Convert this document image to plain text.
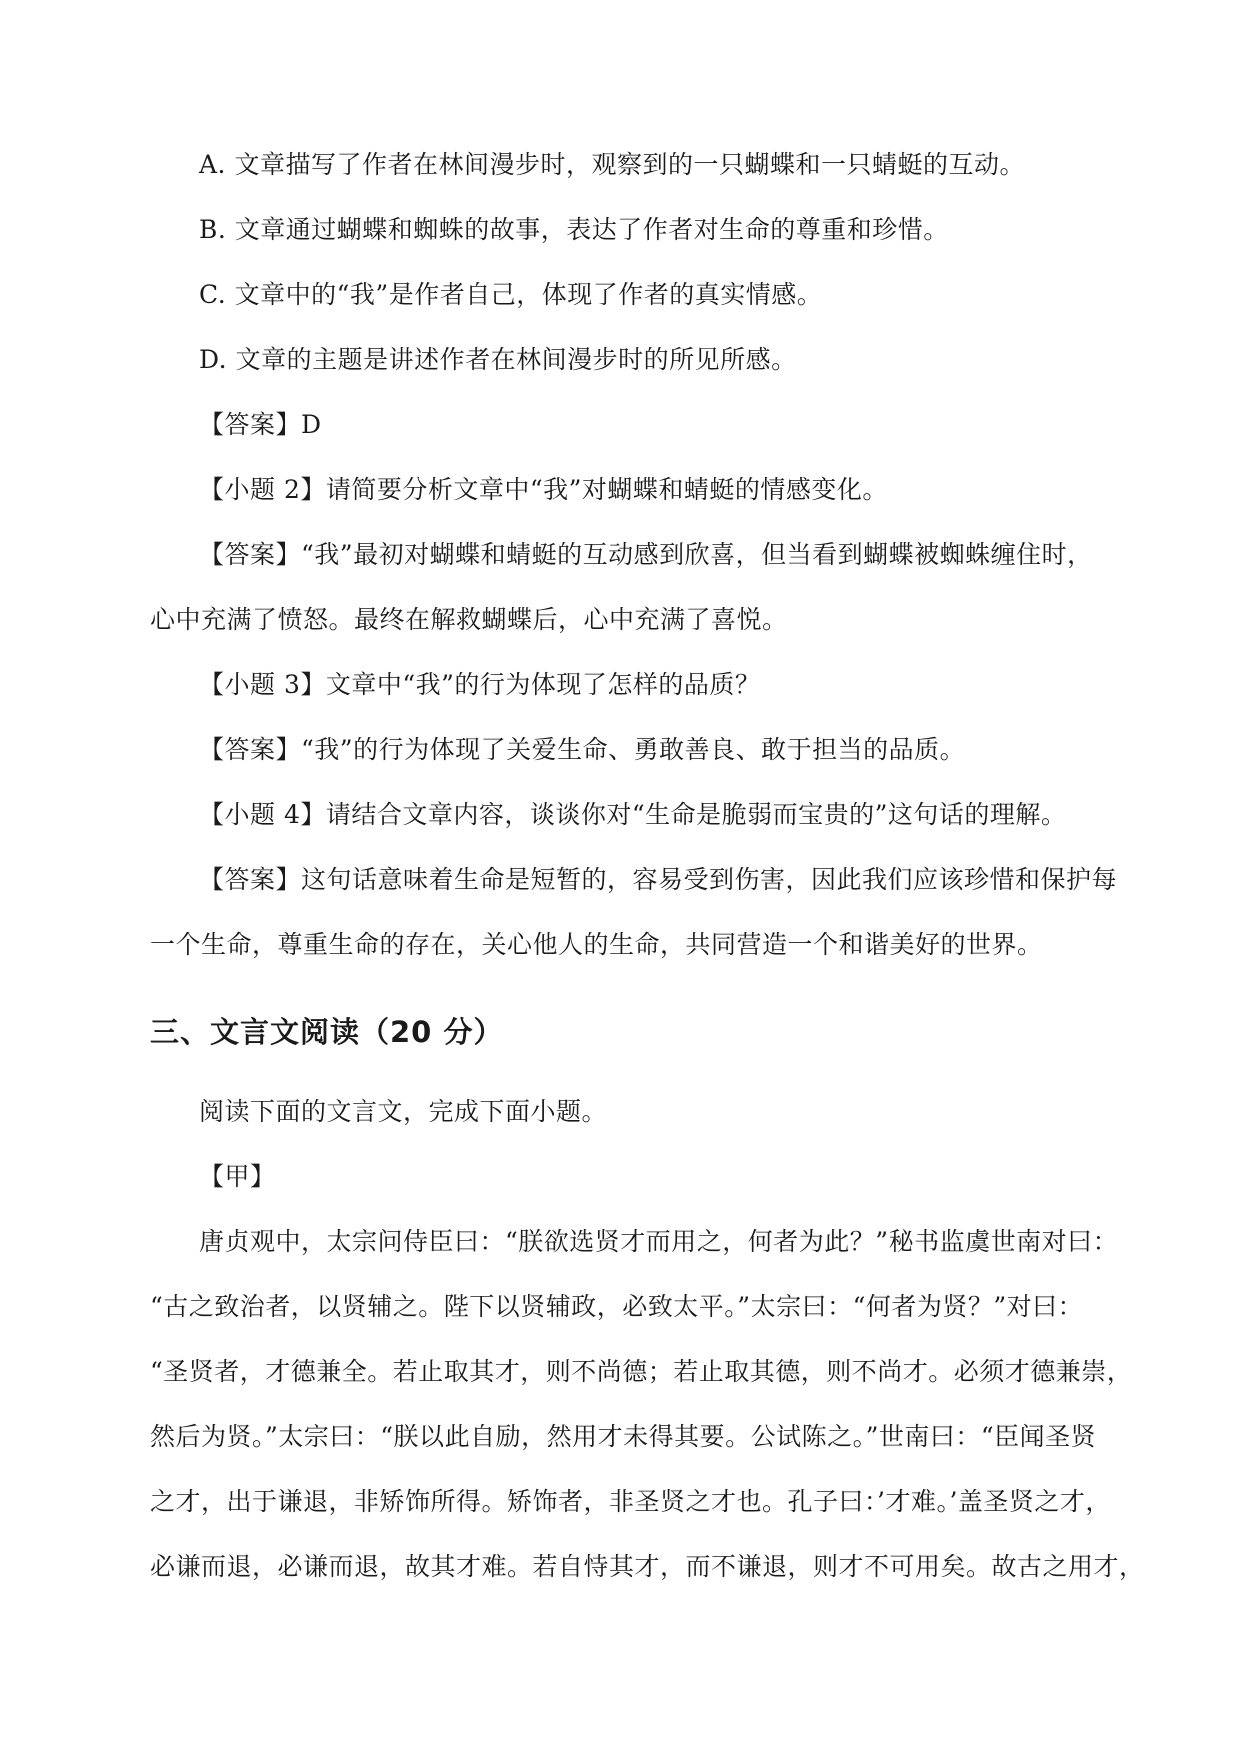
A. 文章描写了作者在林间漫步时，观察到的一只蝴蝶和一只蜻蜓的互动。
B. 文章通过蝴蝶和蜘蛛的故事，表达了作者对生命的尊重和珍惜。
C. 文章中的“我”是作者自己，体现了作者的真实情感。
D. 文章的主题是讲述作者在林间漫步时的所见所感。
【答案】D
【小题 2】请简要分析文章中“我”对蝴蝶和蜻蜓的情感变化。
【答案】“我”最初对蝴蝶和蜻蜓的互动感到欣喜，但当看到蝴蝶被蜘蛛缠住时，
心中充满了愤怒。最终在解救蝴蝶后，心中充满了喜悦。
【小题 3】文章中“我”的行为体现了怎样的品质？
【答案】“我”的行为体现了关爱生命、勇敢善良、敢于担当的品质。
【小题 4】请结合文章内容，谈谈你对“生命是脆弱而宝贵的”这句话的理解。
【答案】这句话意味着生命是短暂的，容易受到伤害，因此我们应该珍惜和保护每
一个生命，尊重生命的存在，关心他人的生命，共同营造一个和谐美好的世界。
三、文言文阅读（20 分）
阅读下面的文言文，完成下面小题。
【甲】
唐贞观中，太宗问侍臣曰：“朕欲选贤才而用之，何者为此？”秘书监虞世南对曰：
“古之致治者，以贤辅之。陛下以贤辅政，必致太平。”太宗曰：“何者为贤？”对曰：
“圣贤者，才德兼全。若止取其才，则不尚德；若止取其德，则不尚才。必须才德兼崇，
然后为贤。”太宗曰：“朕以此自励，然用才未得其要。公试陈之。”世南曰：“臣闻圣贤
之才，出于谦退，非矫饰所得。矫饰者，非圣贤之才也。孔子曰：’才难。’盖圣贤之才，
必谦而退，必谦而退，故其才难。若自恃其才，而不谦退，则才不可用矣。故古之用才，
